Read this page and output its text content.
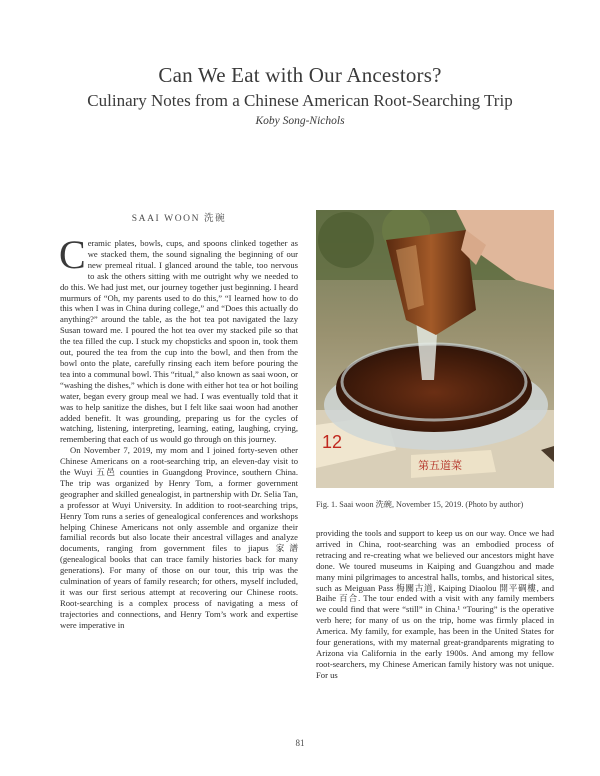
Can We Eat with Our Ancestors?
Culinary Notes from a Chinese American Root-Searching Trip
Koby Song-Nichols
SAAI WOON 洗碗

Ceramic plates, bowls, cups, and spoons clinked together as we stacked them, the sound signaling the beginning of our new premeal ritual. I glanced around the table, too nervous to ask the others sitting with me outright why we needed to do this. We had just met, our journey together just beginning. I heard murmurs of “Oh, my parents used to do this,” “I learned how to do this when I was in China during college,” and “Does this actually do anything?” around the table, as the hot tea pot navigated the lazy Susan toward me. I poured the hot tea over my stacked pile so that the tea filled the cup. I stuck my chopsticks and spoon in, took them out, poured the tea from the cup into the bowl, and then from the bowl onto the plate, carefully rinsing each item before pouring the tea into a communal bowl. This “ritual,” also known as saai woon, or “washing the dishes,” which is done with either hot tea or hot boiling water, began every group meal we had. I was eventually told that it was to help sanitize the dishes, but I felt like saai woon had another added benefit. It was grounding, preparing us for the cycles of watching, listening, interpreting, learning, eating, laughing, crying, remembering that each of us would go through on this journey.

On November 7, 2019, my mom and I joined forty-seven other Chinese Americans on a root-searching trip, an eleven-day visit to the Wuyi 五邑 counties in Guangdong Province, southern China. The trip was organized by Henry Tom, a former government geographer and skilled genealogist, in partnership with Dr. Selia Tan, a professor at Wuyi University. In addition to root-searching trips, Henry Tom runs a series of genealogical conferences and workshops helping Chinese Americans not only assemble and organize their familial records but also locate their ancestral villages and analyze documents, ranging from government files to jiapus 家譜 (genealogical books that can trace family histories back for many generations). For many of those on our tour, this trip was the culmination of years of family research; for others, myself included, it was our first serious attempt at recovering our Chinese roots. Root-searching is a complex process of navigating a mess of trajectories and connections, and Henry Tom’s work and expertise were imperative in

12
第五道菜
Fig. 1. Saai woon 洗碗, November 15, 2019. (Photo by author)

providing the tools and support to keep us on our way. Once we had arrived in China, root-searching was an embodied process of retracing and re-creating what we believed our ancestors might have done. We toured museums in Kaiping and Guangzhou and made many mini pilgrimages to ancestral halls, tombs, and historical sites, such as Meiguan Pass 梅關古道, Kaiping Diaolou 開平碉樓, and Baihe 百合. The tour ended with a visit with any family members we could find that were “still” in China.¹ “Touring” is the operative verb here; for many of us on the trip, home was firmly placed in America. My family, for example, has been in the United States for four generations, with my maternal great-grandparents migrating to Arizona via California in the early 1900s. And among my fellow root-searchers, my Chinese American family history was not unique. For us

81
